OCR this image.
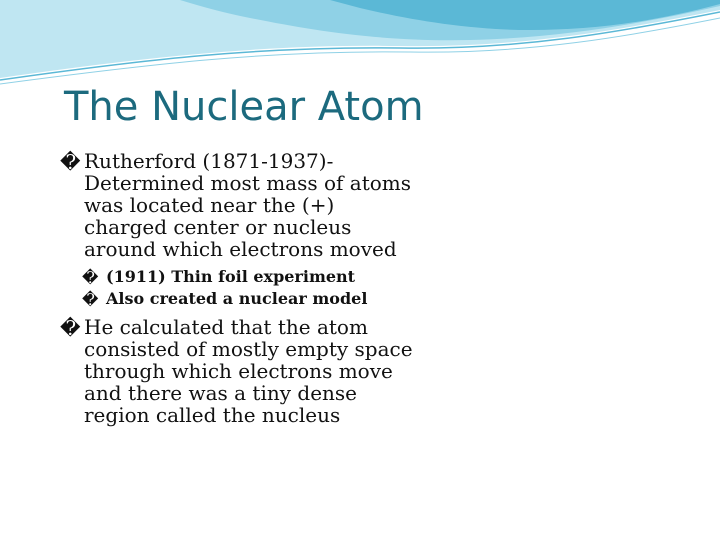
The Nuclear Atom
� Rutherford (1871-1937)-Determined most mass of atoms was located near the (+) charged center or nucleus around which electrons moved
� (1911) Thin foil experiment
� Also created a nuclear model
� He calculated that the atom consisted of mostly empty space through which electrons move and there was a tiny dense region called the nucleus
